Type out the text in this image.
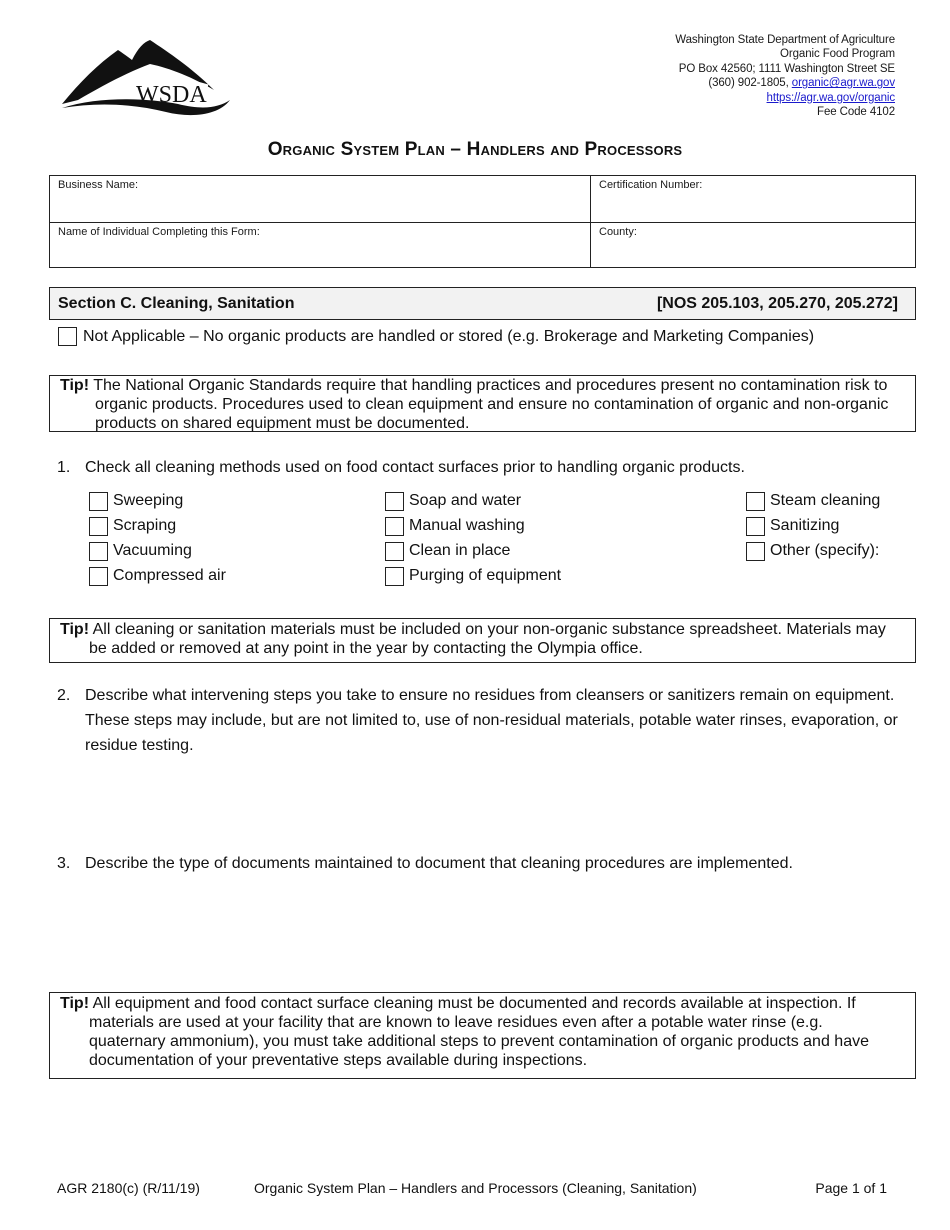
WSDA
Washington State Department of Agriculture
Organic Food Program
PO Box 42560; 1111 Washington Street SE
(360) 902-1805, organic@agr.wa.gov
https://agr.wa.gov/organic
Fee Code 4102
Organic System Plan – Handlers and Processors
Business Name:	Certification Number:
Name of Individual Completing this Form:	County:
Section C. Cleaning, Sanitation	[NOS 205.103, 205.270, 205.272]
Not Applicable – No organic products are handled or stored (e.g. Brokerage and Marketing Companies)

Tip! The National Organic Standards require that handling practices and procedures present no contamination risk to organic products. Procedures used to clean equipment and ensure no contamination of organic and non-organic products on shared equipment must be documented.

1. Check all cleaning methods used on food contact surfaces prior to handling organic products.
Sweeping
Scraping
Vacuuming
Compressed air
Soap and water
Manual washing
Clean in place
Purging of equipment
Steam cleaning
Sanitizing
Other (specify):

Tip! All cleaning or sanitation materials must be included on your non-organic substance spreadsheet. Materials may be added or removed at any point in the year by contacting the Olympia office.

2. Describe what intervening steps you take to ensure no residues from cleansers or sanitizers remain on equipment. These steps may include, but are not limited to, use of non-residual materials, potable water rinses, evaporation, or residue testing.
3. Describe the type of documents maintained to document that cleaning procedures are implemented.

Tip! All equipment and food contact surface cleaning must be documented and records available at inspection. If materials are used at your facility that are known to leave residues even after a potable water rinse (e.g. quaternary ammonium), you must take additional steps to prevent contamination of organic products and have documentation of your preventative steps available during inspections.

AGR 2180(c) (R/11/19)	Organic System Plan – Handlers and Processors (Cleaning, Sanitation)	Page 1 of 1
